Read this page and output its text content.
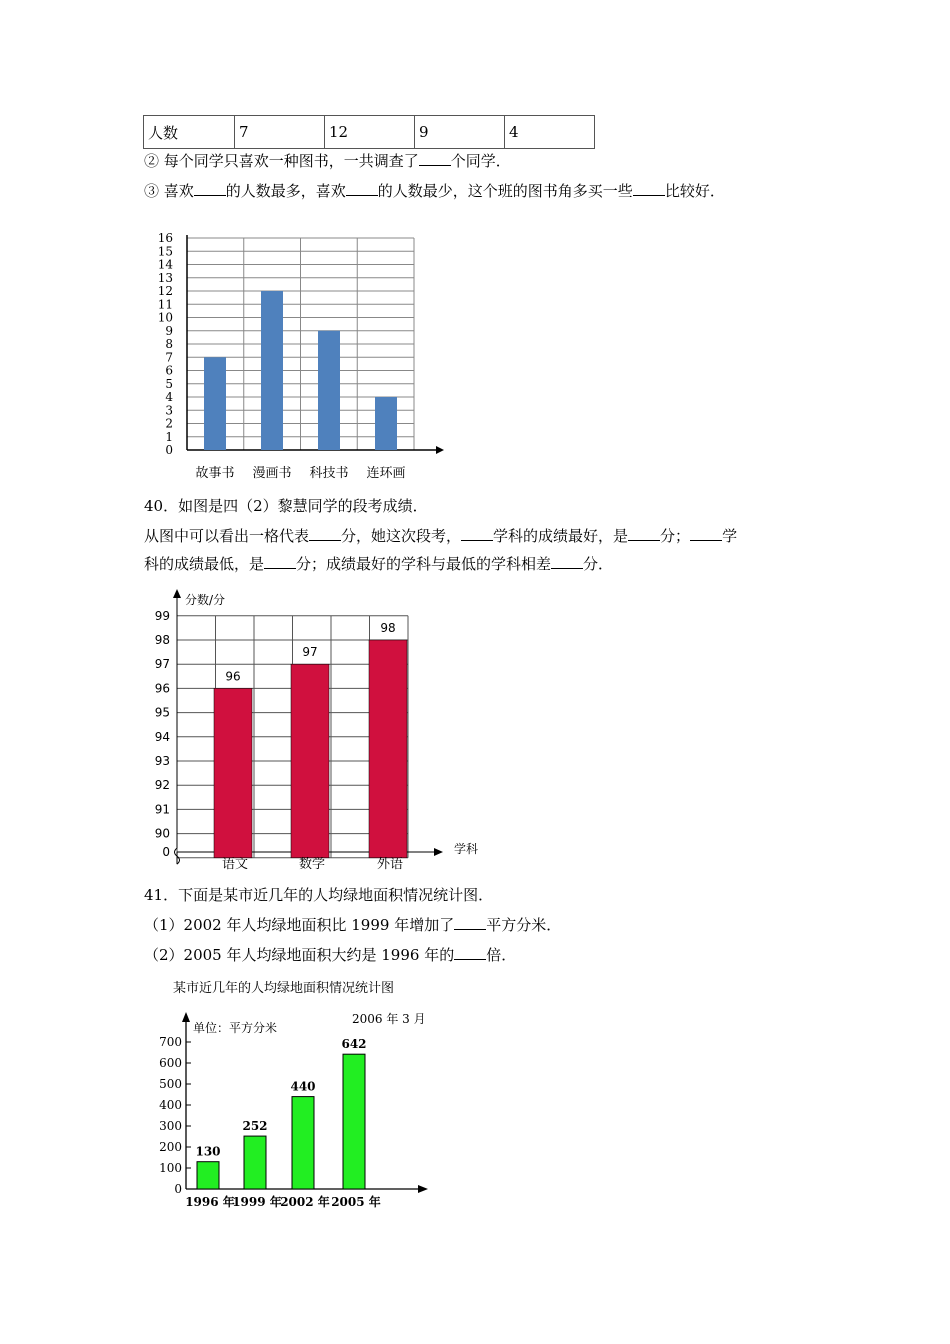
人数	7	12	9	4
② 每个同学只喜欢一种图书，一共调查了 个同学．
③ 喜欢 的人数最多，喜欢 的人数最少，这个班的图书角多买一些 比较好．
0
1
2
3
4
5
6
7
8
9
10
11
12
13
14
15
16
故事书 漫画书 科技书 连环画
40．如图是四（2）黎慧同学的段考成绩．
从图中可以看出一格代表 分，她这次段考， 学科的成绩最好，是 分； 学
科的成绩最低，是 分；成绩最好的学科与最低的学科相差 分．
90
91
92
93
94
95
96
97
98
99
0
分数/分
学科
96
语文
97
数学
98
外语
41．下面是某市近几年的人均绿地面积情况统计图．
（1）2002 年人均绿地面积比 1999 年增加了 平方分米．
（2）2005 年人均绿地面积大约是 1996 年的 倍．
某市近几年的人均绿地面积情况统计图
单位：平方分米
2006 年 3 月
0
100
200
300
400
500
600
700
130
1996 年
252
1999 年
440
2002 年
642
2005 年
